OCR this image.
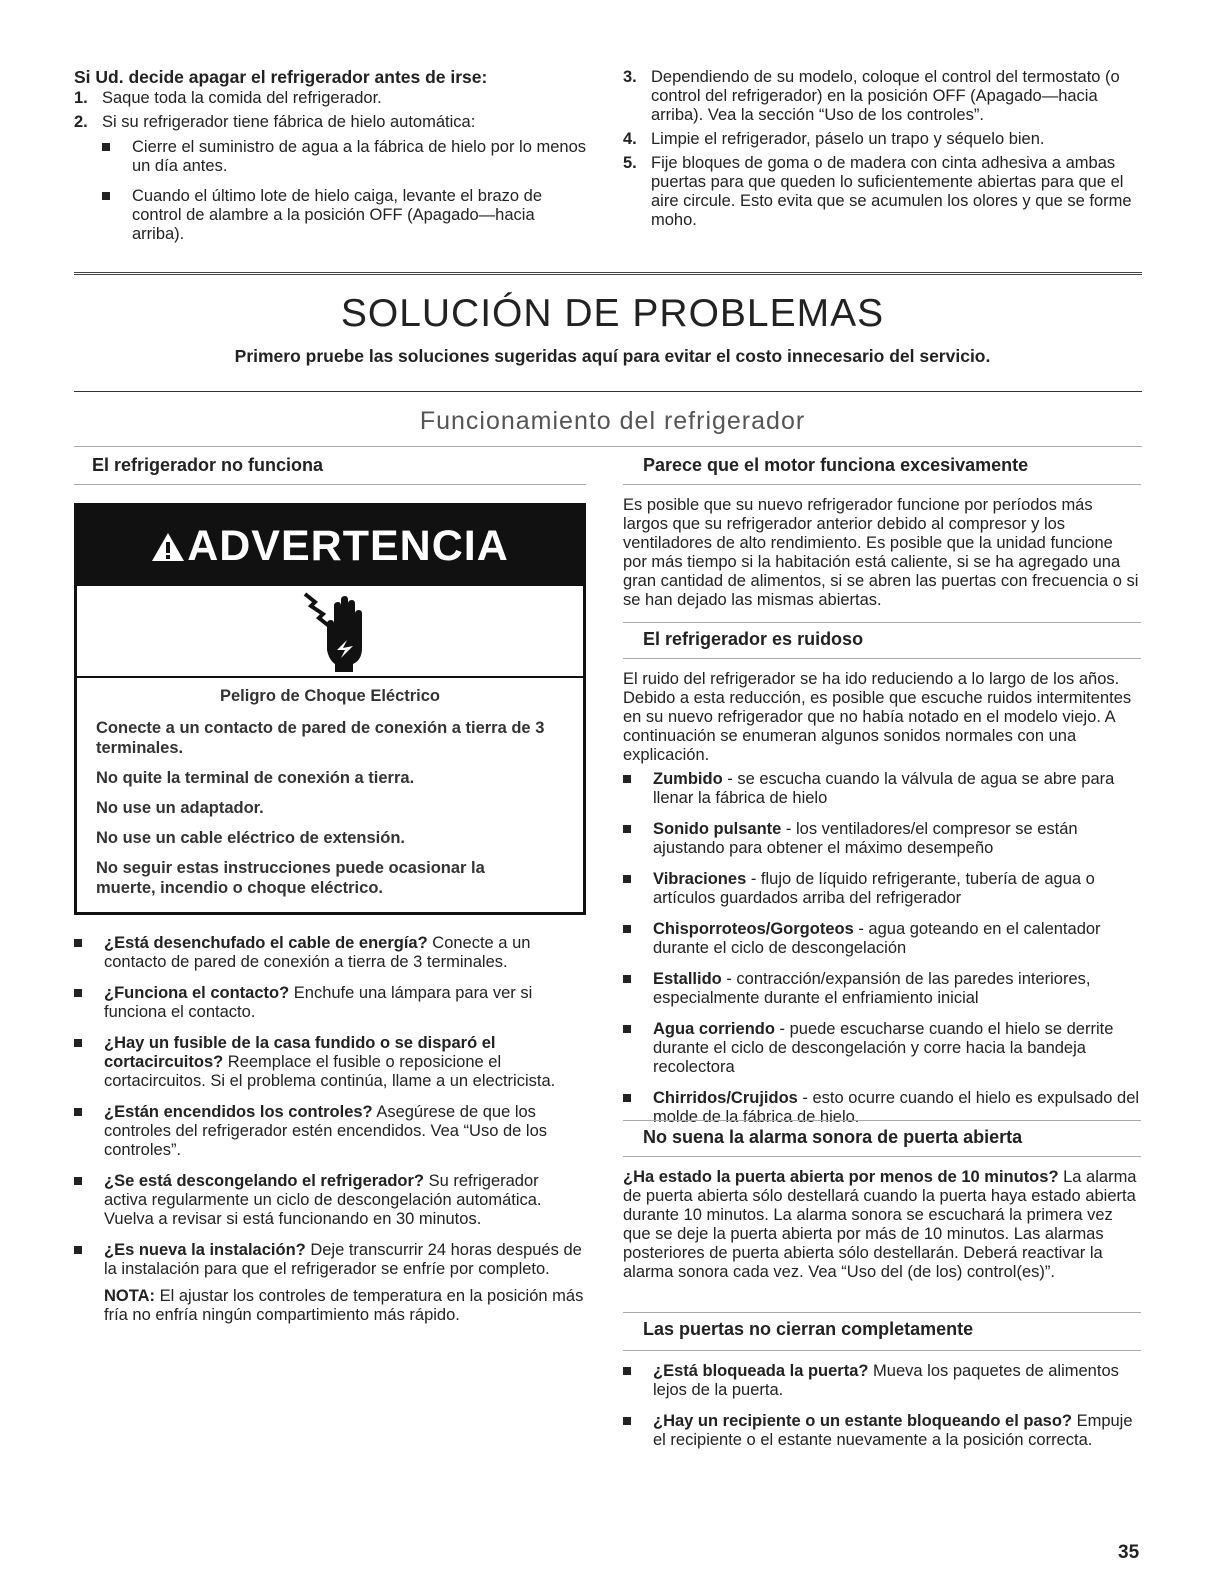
Si Ud. decide apagar el refrigerador antes de irse:
1. Saque toda la comida del refrigerador.
2. Si su refrigerador tiene fábrica de hielo automática:
Cierre el suministro de agua a la fábrica de hielo por lo menos un día antes.
Cuando el último lote de hielo caiga, levante el brazo de control de alambre a la posición OFF (Apagado—hacia arriba).
3. Dependiendo de su modelo, coloque el control del termostato (o control del refrigerador) en la posición OFF (Apagado—hacia arriba). Vea la sección “Uso de los controles”.
4. Limpie el refrigerador, páselo un trapo y séquelo bien.
5. Fije bloques de goma o de madera con cinta adhesiva a ambas puertas para que queden lo suficientemente abiertas para que el aire circule. Esto evita que se acumulen los olores y que se forme moho.
SOLUCIÓN DE PROBLEMAS
Primero pruebe las soluciones sugeridas aquí para evitar el costo innecesario del servicio.
Funcionamiento del refrigerador
El refrigerador no funciona
ADVERTENCIA

Peligro de Choque Eléctrico

Conecte a un contacto de pared de conexión a tierra de 3 terminales.

No quite la terminal de conexión a tierra.

No use un adaptador.

No use un cable eléctrico de extensión.

No seguir estas instrucciones puede ocasionar la muerte, incendio o choque eléctrico.

¿Está desenchufado el cable de energía? Conecte a un contacto de pared de conexión a tierra de 3 terminales.
¿Funciona el contacto? Enchufe una lámpara para ver si funciona el contacto.
¿Hay un fusible de la casa fundido o se disparó el cortacircuitos? Reemplace el fusible o reposicione el cortacircuitos. Si el problema continúa, llame a un electricista.
¿Están encendidos los controles? Asegúrese de que los controles del refrigerador estén encendidos. Vea “Uso de los controles”.
¿Se está descongelando el refrigerador? Su refrigerador activa regularmente un ciclo de descongelación automática. Vuelva a revisar si está funcionando en 30 minutos.
¿Es nueva la instalación? Deje transcurrir 24 horas después de la instalación para que el refrigerador se enfríe por completo.
NOTA: El ajustar los controles de temperatura en la posición más fría no enfría ningún compartimiento más rápido.
Parece que el motor funciona excesivamente

Es posible que su nuevo refrigerador funcione por períodos más largos que su refrigerador anterior debido al compresor y los ventiladores de alto rendimiento. Es posible que la unidad funcione por más tiempo si la habitación está caliente, si se ha agregado una gran cantidad de alimentos, si se abren las puertas con frecuencia o si se han dejado las mismas abiertas.

El refrigerador es ruidoso

El ruido del refrigerador se ha ido reduciendo a lo largo de los años. Debido a esta reducción, es posible que escuche ruidos intermitentes en su nuevo refrigerador que no había notado en el modelo viejo. A continuación se enumeran algunos sonidos normales con una explicación.

Zumbido - se escucha cuando la válvula de agua se abre para llenar la fábrica de hielo
Sonido pulsante - los ventiladores/el compresor se están ajustando para obtener el máximo desempeño
Vibraciones - flujo de líquido refrigerante, tubería de agua o artículos guardados arriba del refrigerador
Chisporroteos/Gorgoteos - agua goteando en el calentador durante el ciclo de descongelación
Estallido - contracción/expansión de las paredes interiores, especialmente durante el enfriamiento inicial
Agua corriendo - puede escucharse cuando el hielo se derrite durante el ciclo de descongelación y corre hacia la bandeja recolectora
Chirridos/Crujidos - esto ocurre cuando el hielo es expulsado del molde de la fábrica de hielo.
No suena la alarma sonora de puerta abierta

¿Ha estado la puerta abierta por menos de 10 minutos? La alarma de puerta abierta sólo destellará cuando la puerta haya estado abierta durante 10 minutos. La alarma sonora se escuchará la primera vez que se deje la puerta abierta por más de 10 minutos. Las alarmas posteriores de puerta abierta sólo destellarán. Deberá reactivar la alarma sonora cada vez. Vea “Uso del (de los) control(es)”.

Las puertas no cierran completamente
¿Está bloqueada la puerta? Mueva los paquetes de alimentos lejos de la puerta.
¿Hay un recipiente o un estante bloqueando el paso? Empuje el recipiente o el estante nuevamente a la posición correcta.
35
